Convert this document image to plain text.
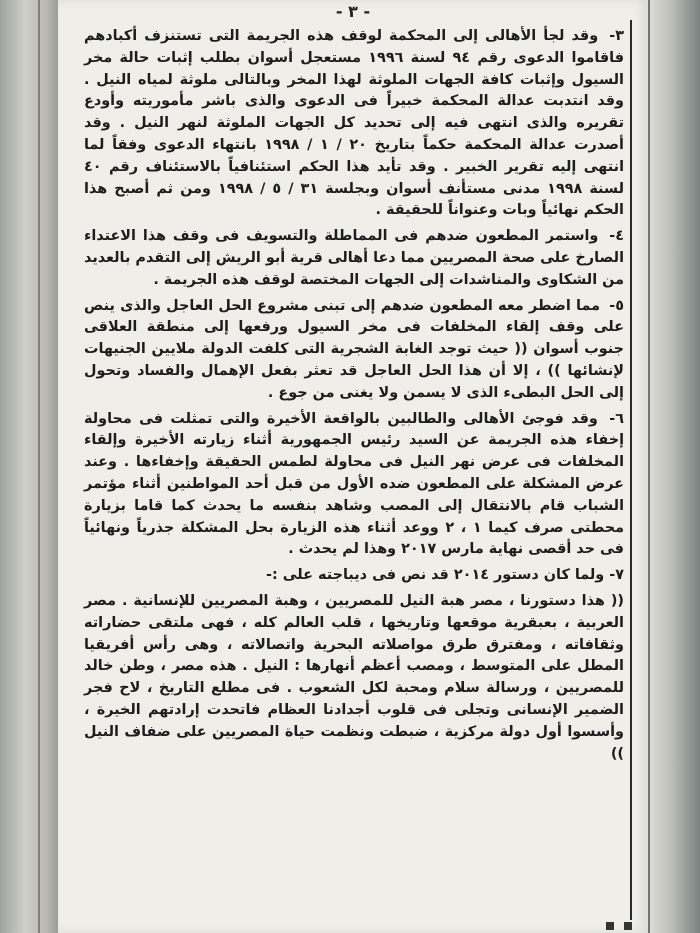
- ٣ -

٣- وقد لجأ الأهالى إلى المحكمة لوقف هذه الجريمة التى تستنزف أكبادهم فاقاموا الدعوى رقم ٩٤ لسنة ١٩٩٦ مستعجل أسوان بطلب إثبات حالة مخر السيول وإثبات كافة الجهات الملوثة لهذا المخر وبالتالى ملوثة لمياه النيل . وقد انتدبت عدالة المحكمة خبيراً فى الدعوى والذى باشر مأموريته وأودع تقريره والذى انتهى فيه إلى تحديد كل الجهات الملوثة لنهر النيل . وقد أصدرت عدالة المحكمة حكماً بتاريخ ٢٠ / ١ / ١٩٩٨ بانتهاء الدعوى وفقاً لما انتهى إليه تقرير الخبير . وقد تأيد هذا الحكم استئنافياً بالاستئناف رقم ٤٠ لسنة ١٩٩٨ مدنى مستأنف أسوان وبجلسة ٣١ / ٥ / ١٩٩٨ ومن ثم أصبح هذا الحكم نهائياً وبات وعنواناً للحقيقة .

٤- واستمر المطعون ضدهم فى المماطلة والتسويف فى وقف هذا الاعتداء الصارخ على صحة المصريين مما دعا أهالى قرية أبو الريش إلى التقدم بالعديد من الشكاوى والمناشدات إلى الجهات المختصة لوقف هذه الجريمة .

٥- مما اضطر معه المطعون ضدهم إلى تبنى مشروع الحل العاجل والذى ينص على وقف إلقاء المخلفات فى مخر السيول ورفعها إلى منطقة العلاقى جنوب أسوان (( حيث توجد الغابة الشجرية التى كلفت الدولة ملايين الجنيهات لإنشائها )) ، إلا أن هذا الحل العاجل قد تعثر بفعل الإهمال والفساد وتحول إلى الحل البطىء الذى لا يسمن ولا يغنى من جوع .

٦- وقد فوجئ الأهالى والطالبين بالواقعة الأخيرة والتى تمثلت فى محاولة إخفاء هذه الجريمة عن السيد رئيس الجمهورية أثناء زيارته الأخيرة وإلقاء المخلفات فى عرض نهر النيل فى محاولة لطمس الحقيقة وإخفاءها . وعند عرض المشكلة على المطعون ضده الأول من قبل أحد المواطنين أثناء مؤتمر الشباب قام بالانتقال إلى المصب وشاهد بنفسه ما يحدث كما قاما بزيارة محطتى صرف كيما ١ ، ٢ ووعد أثناء هذه الزيارة بحل المشكلة جذرياً ونهائياً فى حد أقصى نهاية مارس ٢٠١٧ وهذا لم يحدث .

٧- ولما كان دستور ٢٠١٤ قد نص فى ديباجته على :-

(( هذا دستورنا ، مصر هبة النيل للمصريين ، وهبة المصريين للإنسانية . مصر العربية ، بعبقرية موقعها وتاريخها ، قلب العالم كله ، فهى ملتقى حضاراته وثقافاته ، ومفترق طرق مواصلاته البحرية واتصالاته ، وهى رأس أفريقيا المطل على المتوسط ، ومصب أعظم أنهارها : النيل . هذه مصر ، وطن خالد للمصريين ، ورسالة سلام ومحبة لكل الشعوب . فى مطلع التاريخ ، لاح فجر الضمير الإنسانى وتجلى فى قلوب أجدادنا العظام فاتحدت إرادتهم الخيرة ، وأسسوا أول دولة مركزية ، ضبطت ونظمت حياة المصريين على ضفاف النيل ))
